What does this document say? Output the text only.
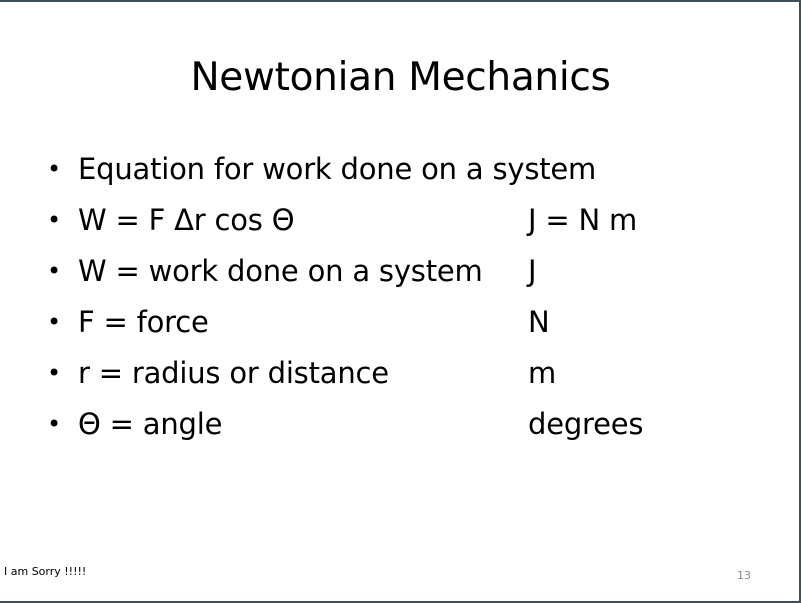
Newtonian Mechanics
• Equation for work done on a system
• W = F Δr cos Θ	J = N m
• W = work done on a system J
• F = force	N
• r = radius or distance	m
• Θ = angle	degrees
I am Sorry !!!!!	13
